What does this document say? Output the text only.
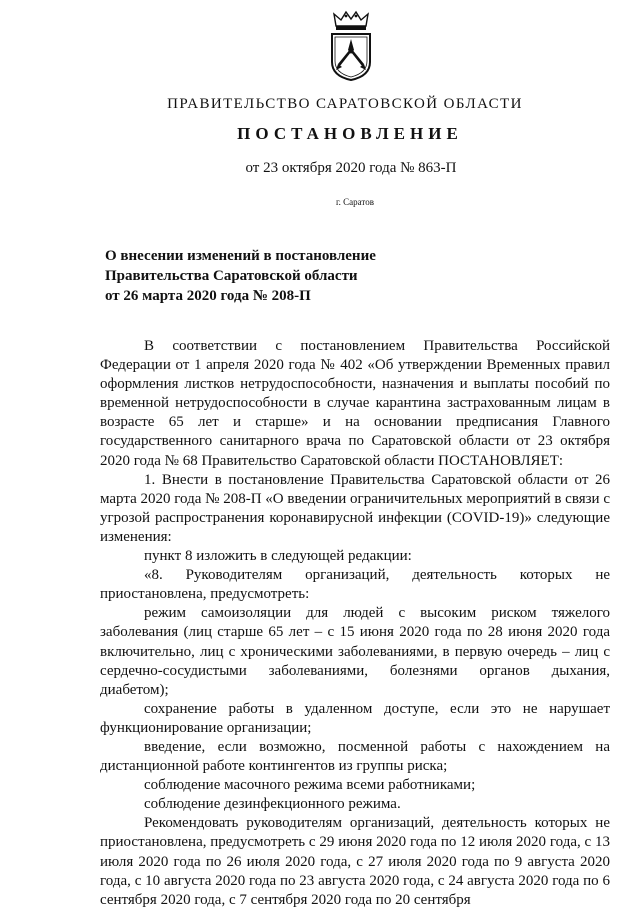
ПРАВИТЕЛЬСТВО САРАТОВСКОЙ ОБЛАСТИ
ПОСТАНОВЛЕНИЕ
от 23 октября 2020 года № 863-П
г. Саратов
О внесении изменений в постановление
Правительства Саратовской области
от 26 марта 2020 года № 208-П

В соответствии с постановлением Правительства Российской Федерации от 1 апреля 2020 года № 402 «Об утверждении Временных правил оформления листков нетрудоспособности, назначения и выплаты пособий по временной нетрудоспособности в случае карантина застрахованным лицам в возрасте 65 лет и старше» и на основании предписания Главного государственного санитарного врача по Саратовской области от 23 октября 2020 года № 68 Правительство Саратовской области ПОСТАНОВЛЯЕТ:

1. Внести в постановление Правительства Саратовской области от 26 марта 2020 года № 208-П «О введении ограничительных мероприятий в связи с угрозой распространения коронавирусной инфекции (COVID-19)» следующие изменения:

пункт 8 изложить в следующей редакции:

«8. Руководителям организаций, деятельность которых не приостановлена, предусмотреть:

режим самоизоляции для людей с высоким риском тяжелого заболевания (лиц старше 65 лет – с 15 июня 2020 года по 28 июня 2020 года включительно, лиц с хроническими заболеваниями, в первую очередь – лиц с сердечно-сосудистыми заболеваниями, болезнями органов дыхания, диабетом);

сохранение работы в удаленном доступе, если это не нарушает функционирование организации;

введение, если возможно, посменной работы с нахождением на дистанционной работе контингентов из группы риска;

соблюдение масочного режима всеми работниками;

соблюдение дезинфекционного режима.

Рекомендовать руководителям организаций, деятельность которых не приостановлена, предусмотреть с 29 июня 2020 года по 12 июля 2020 года, с 13 июля 2020 года по 26 июля 2020 года, с 27 июля 2020 года по 9 августа 2020 года, с 10 августа 2020 года по 23 августа 2020 года, с 24 августа 2020 года по 6 сентября 2020 года, с 7 сентября 2020 года по 20 сентября
